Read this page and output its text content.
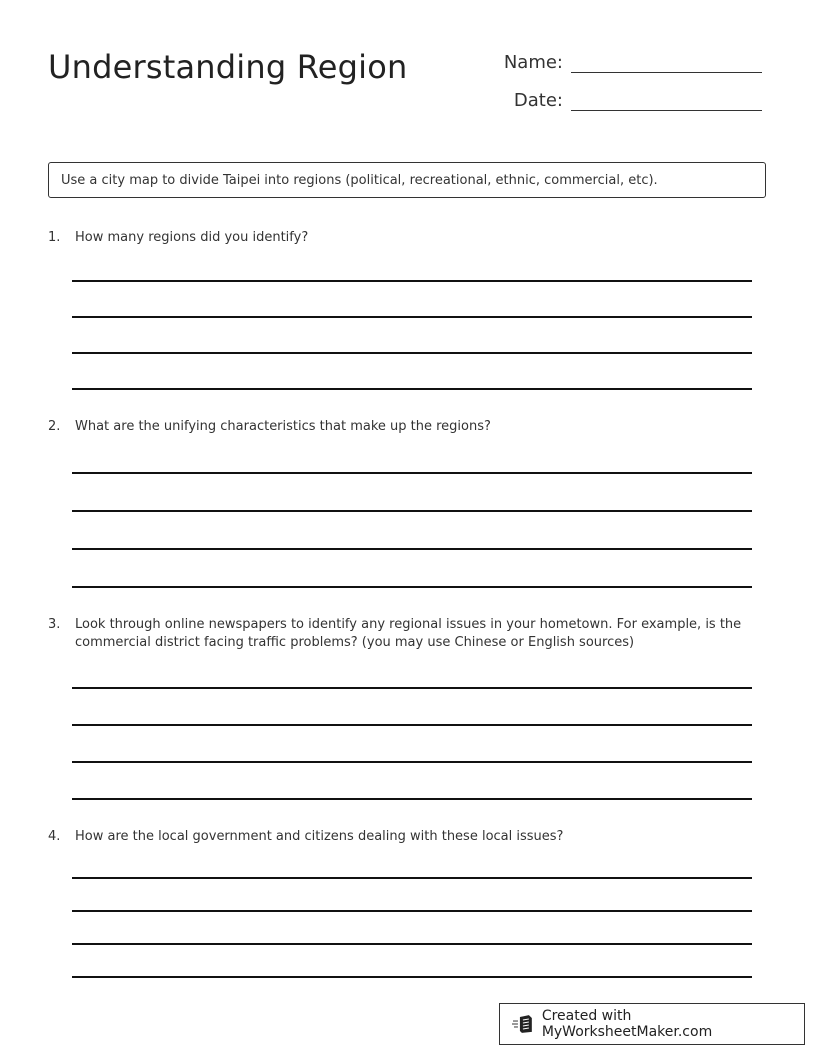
Understanding Region	Name:
Date:
Use a city map to divide Taipei into regions (political, recreational, ethnic, commercial, etc).
1. How many regions did you identify?
2. What are the unifying characteristics that make up the regions?
3. Look through online newspapers to identify any regional issues in your hometown. For example, is the commercial district facing traffic problems? (you may use Chinese or English sources)
4. How are the local government and citizens dealing with these local issues?
Created with MyWorksheetMaker.com
